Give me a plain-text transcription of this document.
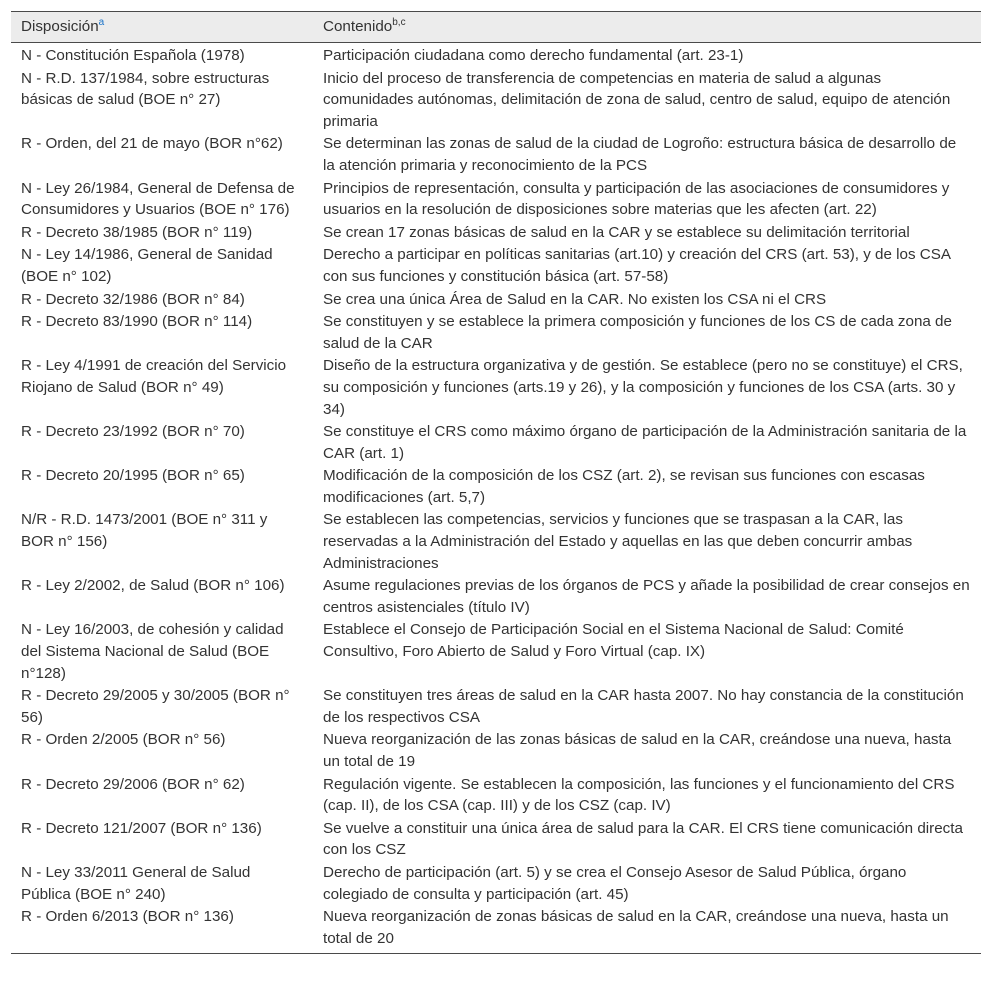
Disposición$^a$	Contenido$^{b,c}$
N - Constitución Española (1978)	Participación ciudadana como derecho fundamental (art. 23-1)
N - R.D. 137/1984, sobre estructuras básicas de salud (BOE n° 27)	Inicio del proceso de transferencia de competencias en materia de salud a algunas comunidades autónomas, delimitación de zona de salud, centro de salud, equipo de atención primaria
R - Orden, del 21 de mayo (BOR n°62)	Se determinan las zonas de salud de la ciudad de Logroño: estructura básica de desarrollo de la atención primaria y reconocimiento de la PCS
N - Ley 26/1984, General de Defensa de Consumidores y Usuarios (BOE n° 176)	Principios de representación, consulta y participación de las asociaciones de consumidores y usuarios en la resolución de disposiciones sobre materias que les afecten (art. 22)
R - Decreto 38/1985 (BOR n° 119)	Se crean 17 zonas básicas de salud en la CAR y se establece su delimitación territorial
N - Ley 14/1986, General de Sanidad (BOE n° 102)	Derecho a participar en políticas sanitarias (art.10) y creación del CRS (art. 53), y de los CSA con sus funciones y constitución básica (art. 57-58)
R - Decreto 32/1986 (BOR n° 84)	Se crea una única Área de Salud en la CAR. No existen los CSA ni el CRS
R - Decreto 83/1990 (BOR n° 114)	Se constituyen y se establece la primera composición y funciones de los CS de cada zona de salud de la CAR
R - Ley 4/1991 de creación del Servicio Riojano de Salud (BOR n° 49)	Diseño de la estructura organizativa y de gestión. Se establece (pero no se constituye) el CRS, su composición y funciones (arts.19 y 26), y la composición y funciones de los CSA (arts. 30 y 34)
R - Decreto 23/1992 (BOR n° 70)	Se constituye el CRS como máximo órgano de participación de la Administración sanitaria de la CAR (art. 1)
R - Decreto 20/1995 (BOR n° 65)	Modificación de la composición de los CSZ (art. 2), se revisan sus funciones con escasas modificaciones (art. 5,7)
N/R - R.D. 1473/2001 (BOE n° 311 y BOR n° 156)	Se establecen las competencias, servicios y funciones que se traspasan a la CAR, las reservadas a la Administración del Estado y aquellas en las que deben concurrir ambas Administraciones
R - Ley 2/2002, de Salud (BOR n° 106)	Asume regulaciones previas de los órganos de PCS y añade la posibilidad de crear consejos en centros asistenciales (título IV)
N - Ley 16/2003, de cohesión y calidad del Sistema Nacional de Salud (BOE n°128)	Establece el Consejo de Participación Social en el Sistema Nacional de Salud: Comité Consultivo, Foro Abierto de Salud y Foro Virtual (cap. IX)
R - Decreto 29/2005 y 30/2005 (BOR n° 56)	Se constituyen tres áreas de salud en la CAR hasta 2007. No hay constancia de la constitución de los respectivos CSA
R - Orden 2/2005 (BOR n° 56)	Nueva reorganización de las zonas básicas de salud en la CAR, creándose una nueva, hasta un total de 19
R - Decreto 29/2006 (BOR n° 62)	Regulación vigente. Se establecen la composición, las funciones y el funcionamiento del CRS (cap. II), de los CSA (cap. III) y de los CSZ (cap. IV)
R - Decreto 121/2007 (BOR n° 136)	Se vuelve a constituir una única área de salud para la CAR. El CRS tiene comunicación directa con los CSZ
N - Ley 33/2011 General de Salud Pública (BOE n° 240)	Derecho de participación (art. 5) y se crea el Consejo Asesor de Salud Pública, órgano colegiado de consulta y participación (art. 45)
R - Orden 6/2013 (BOR n° 136)	Nueva reorganización de zonas básicas de salud en la CAR, creándose una nueva, hasta un total de 20
